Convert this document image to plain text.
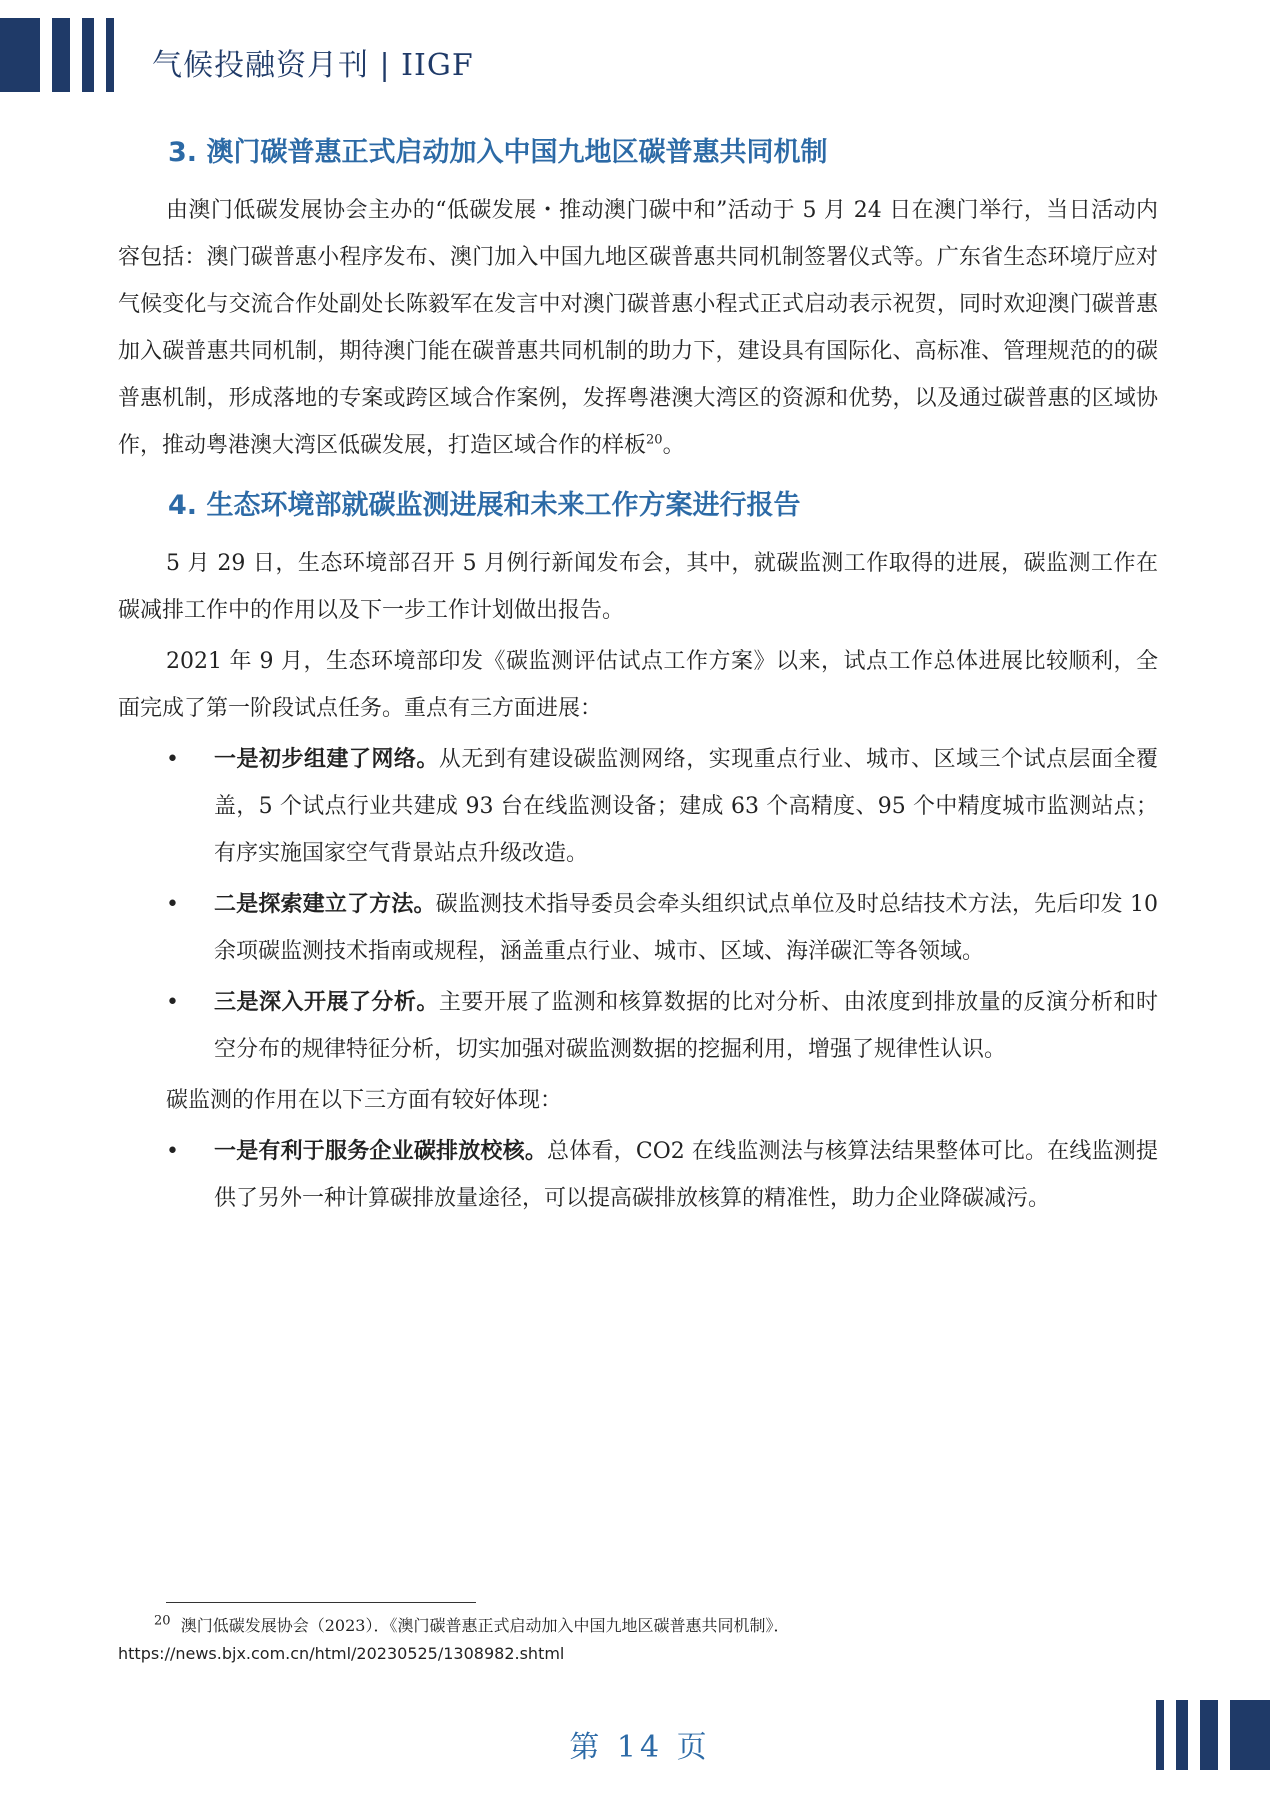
气候投融资月刊 | IIGF
3. 澳门碳普惠正式启动加入中国九地区碳普惠共同机制

由澳门低碳发展协会主办的“低碳发展・推动澳门碳中和”活动于 5 月 24 日在澳门举行，当日活动内容包括：澳门碳普惠小程序发布、澳门加入中国九地区碳普惠共同机制签署仪式等。广东省生态环境厅应对气候变化与交流合作处副处长陈毅军在发言中对澳门碳普惠小程式正式启动表示祝贺，同时欢迎澳门碳普惠加入碳普惠共同机制，期待澳门能在碳普惠共同机制的助力下，建设具有国际化、高标准、管理规范的的碳普惠机制，形成落地的专案或跨区域合作案例，发挥粤港澳大湾区的资源和优势，以及通过碳普惠的区域协作，推动粤港澳大湾区低碳发展，打造区域合作的样板$^{20}$。

4. 生态环境部就碳监测进展和未来工作方案进行报告

5 月 29 日，生态环境部召开 5 月例行新闻发布会，其中，就碳监测工作取得的进展，碳监测工作在碳减排工作中的作用以及下一步工作计划做出报告。

2021 年 9 月，生态环境部印发《碳监测评估试点工作方案》以来，试点工作总体进展比较顺利，全面完成了第一阶段试点任务。重点有三方面进展：

• 一是初步组建了网络。从无到有建设碳监测网络，实现重点行业、城市、区域三个试点层面全覆盖，5 个试点行业共建成 93 台在线监测设备；建成 63 个高精度、95 个中精度城市监测站点；有序实施国家空气背景站点升级改造。
• 二是探索建立了方法。碳监测技术指导委员会牵头组织试点单位及时总结技术方法，先后印发 10 余项碳监测技术指南或规程，涵盖重点行业、城市、区域、海洋碳汇等各领域。
• 三是深入开展了分析。主要开展了监测和核算数据的比对分析、由浓度到排放量的反演分析和时空分布的规律特征分析，切实加强对碳监测数据的挖掘利用，增强了规律性认识。

碳监测的作用在以下三方面有较好体现：

• 一是有利于服务企业碳排放校核。总体看，CO2 在线监测法与核算法结果整体可比。在线监测提供了另外一种计算碳排放量途径，可以提高碳排放核算的精准性，助力企业降碳减污。
$^{20}$ 澳门低碳发展协会（2023）．《澳门碳普惠正式启动加入中国九地区碳普惠共同机制》．
https://news.bjx.com.cn/html/20230525/1308982.shtml
第 14 页
